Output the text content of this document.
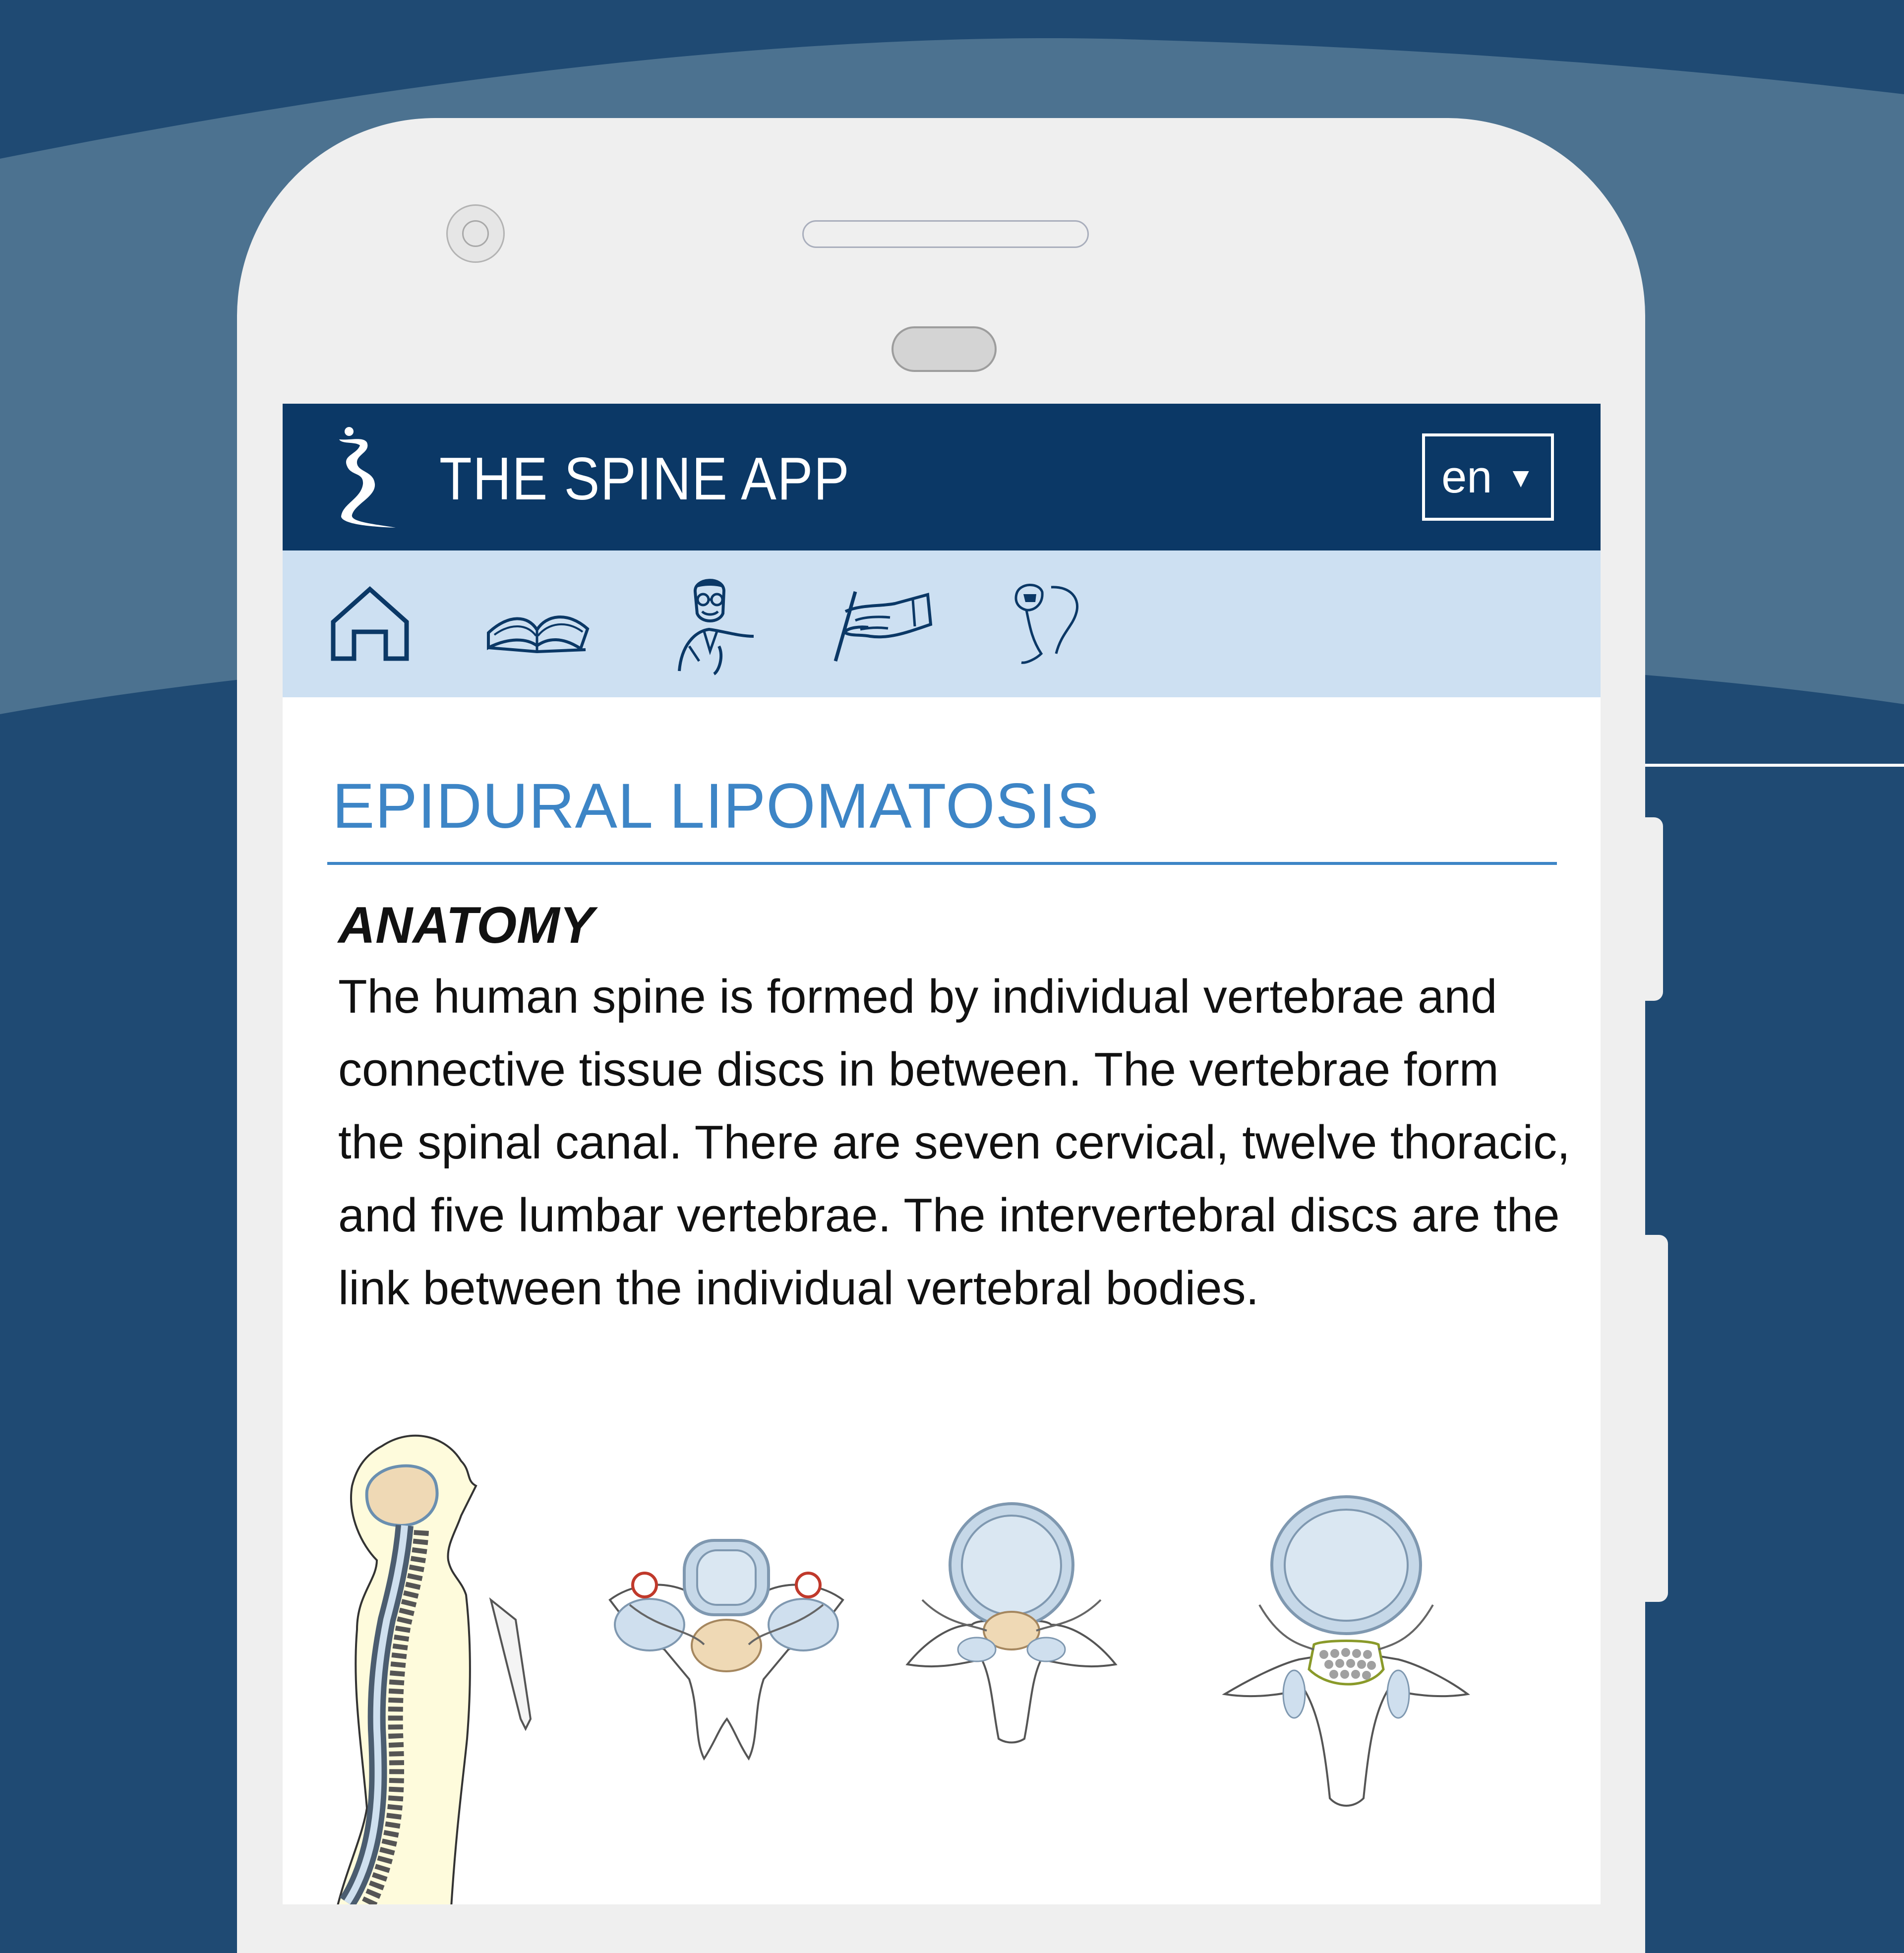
THE SPINE APP	en ▼
EPIDURAL LIPOMATOSIS
ANATOMY
The human spine is formed by individual vertebrae and connective tissue discs in between. The vertebrae form the spinal canal. There are seven cervical, twelve thoracic, and five lumbar vertebrae. The intervertebral discs are the link between the individual vertebral bodies.
